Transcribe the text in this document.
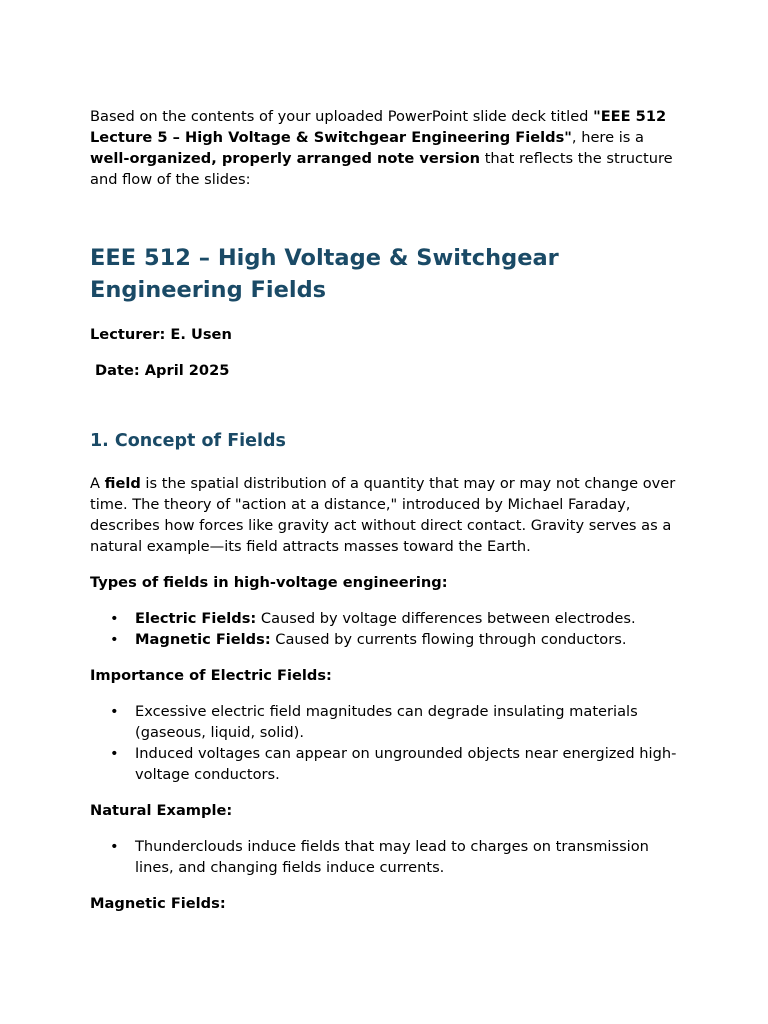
Based on the contents of your uploaded PowerPoint slide deck titled "EEE 512 Lecture 5 – High Voltage & Switchgear Engineering Fields", here is a well-organized, properly arranged note version that reflects the structure and flow of the slides:

EEE 512 – High Voltage & Switchgear Engineering Fields

Lecturer: E. Usen

Date: April 2025

1. Concept of Fields

A field is the spatial distribution of a quantity that may or may not change over time. The theory of "action at a distance," introduced by Michael Faraday, describes how forces like gravity act without direct contact. Gravity serves as a natural example—its field attracts masses toward the Earth.

Types of fields in high-voltage engineering:

• Electric Fields: Caused by voltage differences between electrodes.
• Magnetic Fields: Caused by currents flowing through conductors.

Importance of Electric Fields:

• Excessive electric field magnitudes can degrade insulating materials (gaseous, liquid, solid).
• Induced voltages can appear on ungrounded objects near energized high-voltage conductors.

Natural Example:

• Thunderclouds induce fields that may lead to charges on transmission lines, and changing fields induce currents.

Magnetic Fields:
